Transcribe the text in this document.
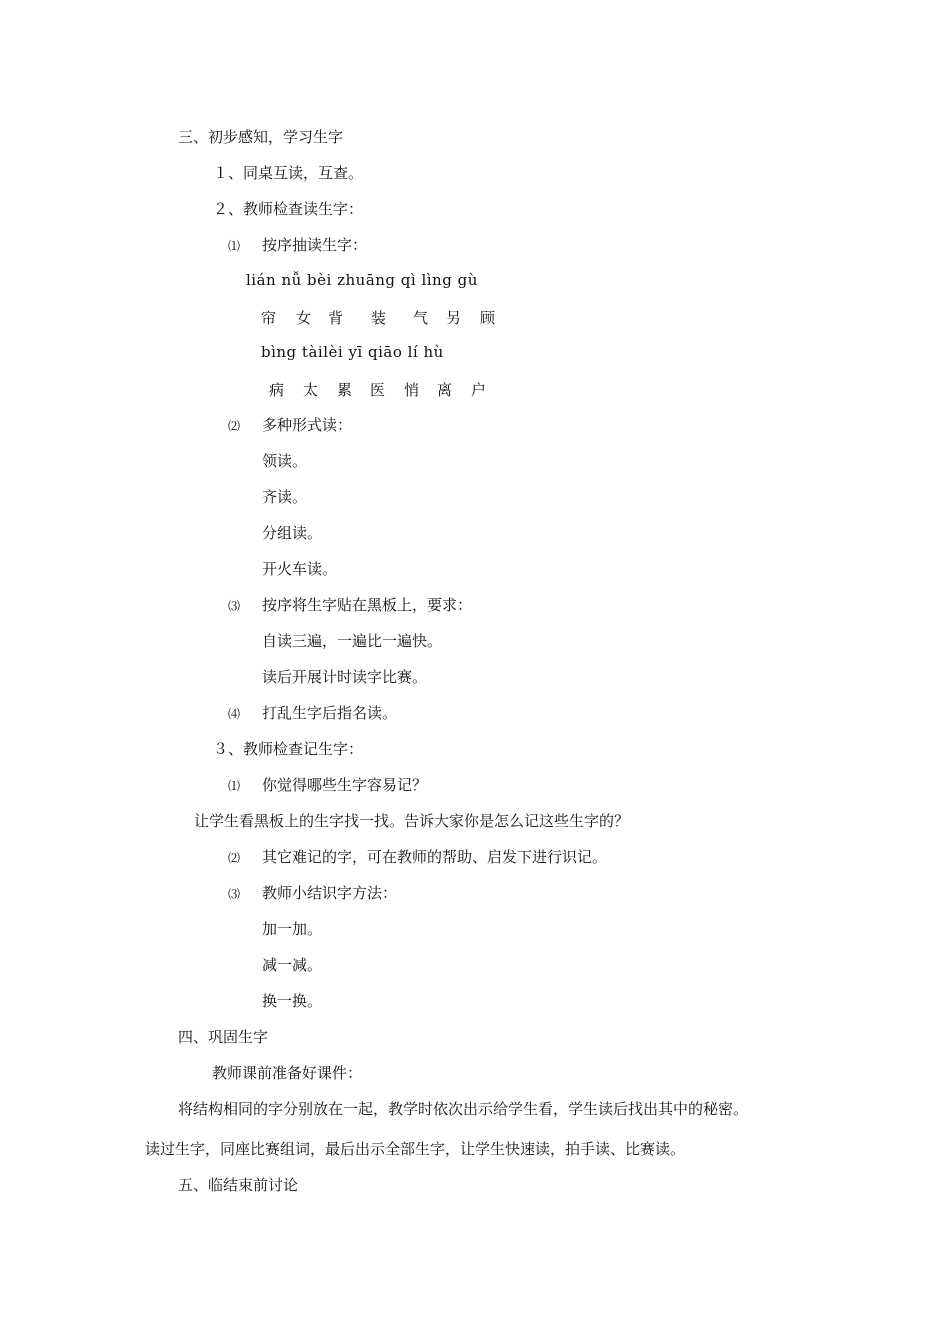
三、初步感知，学习生字
１、同桌互读，互查。
２、教师检查读生字：
⑴ 按序抽读生字：
lián nǚ bèi zhuāng qì lìng gù
帘 女 背 装 气 另 顾
bìng tàilèi yī qiāo lí hù
病 太 累 医 悄 离 户
⑵ 多种形式读：
领读。
齐读。
分组读。
开火车读。
⑶ 按序将生字贴在黑板上，要求：
自读三遍，一遍比一遍快。
读后开展计时读字比赛。
⑷ 打乱生字后指名读。
３、教师检查记生字：
⑴ 你觉得哪些生字容易记？
让学生看黑板上的生字找一找。告诉大家你是怎么记这些生字的？
⑵ 其它难记的字，可在教师的帮助、启发下进行识记。
⑶ 教师小结识字方法：
加一加。
减一减。
换一换。
四、巩固生字
教师课前准备好课件：
将结构相同的字分别放在一起，教学时依次出示给学生看，学生读后找出其中的秘密。
读过生字，同座比赛组词，最后出示全部生字，让学生快速读，拍手读、比赛读。
五、临结束前讨论
